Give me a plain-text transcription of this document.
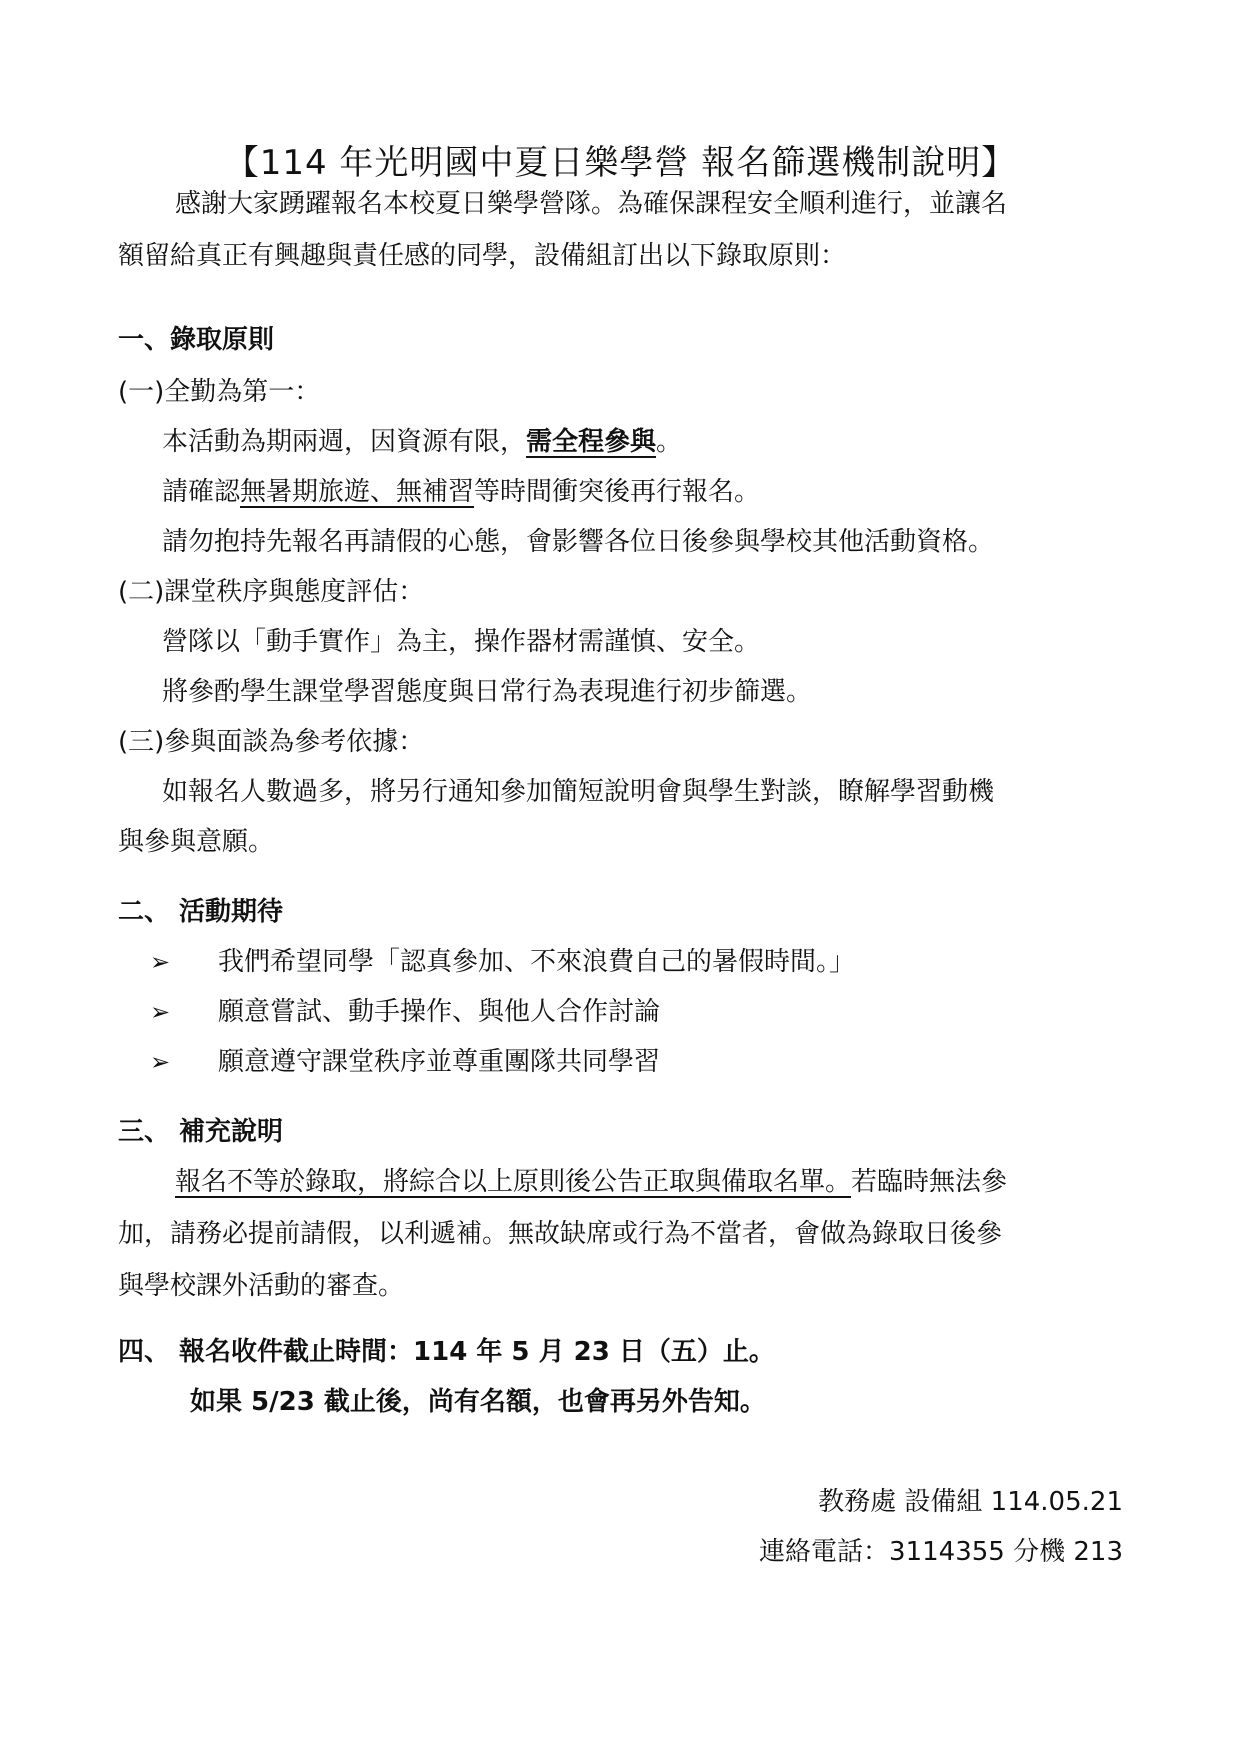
【114 年光明國中夏日樂學營 報名篩選機制說明】

感謝大家踴躍報名本校夏日樂學營隊。為確保課程安全順利進行，並讓名

額留給真正有興趣與責任感的同學，設備組訂出以下錄取原則：

一、錄取原則

(一)全勤為第一：

本活動為期兩週，因資源有限，需全程參與。

請確認無暑期旅遊、無補習等時間衝突後再行報名。

請勿抱持先報名再請假的心態，會影響各位日後參與學校其他活動資格。

(二)課堂秩序與態度評估：

營隊以「動手實作」為主，操作器材需謹慎、安全。

將參酌學生課堂學習態度與日常行為表現進行初步篩選。

(三)參與面談為參考依據：

如報名人數過多，將另行通知參加簡短說明會與學生對談，瞭解學習動機

與參與意願。

二、 活動期待

➢ 我們希望同學「認真參加、不來浪費自己的暑假時間。」

➢ 願意嘗試、動手操作、與他人合作討論

➢ 願意遵守課堂秩序並尊重團隊共同學習

三、 補充說明

報名不等於錄取，將綜合以上原則後公告正取與備取名單。若臨時無法參

加，請務必提前請假，以利遞補。無故缺席或行為不當者，會做為錄取日後參

與學校課外活動的審查。

四、 報名收件截止時間：114 年 5 月 23 日（五）止。

如果 5/23 截止後，尚有名額，也會再另外告知。

教務處 設備組 114.05.21
連絡電話：3114355 分機 213
